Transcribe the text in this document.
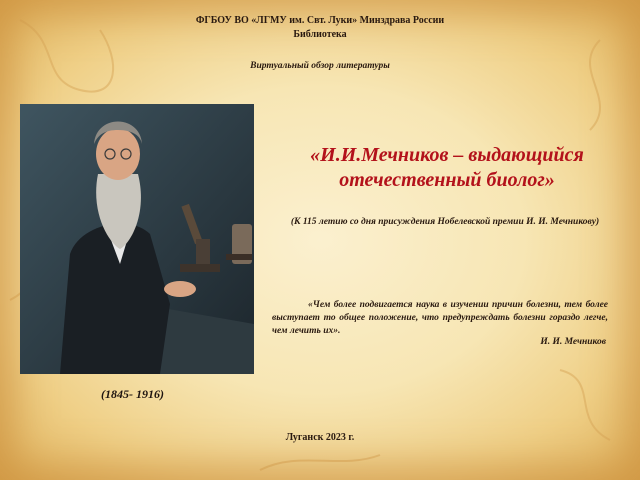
ФГБОУ ВО «ЛГМУ им. Свт. Луки» Минздрава России
Библиотека
Виртуальный обзор литературы
(1845- 1916)
«И.И.Мечников – выдающийся
отечественный биолог»
(К 115 летию со дня присуждения Нобелевской премии И. И. Мечникову)
«Чем более подвигается наука в изучении причин болезни, тем более выступает то общее положение, что предупреждать болезни гораздо легче, чем лечить их».
И. И. Мечников
Луганск 2023 г.
